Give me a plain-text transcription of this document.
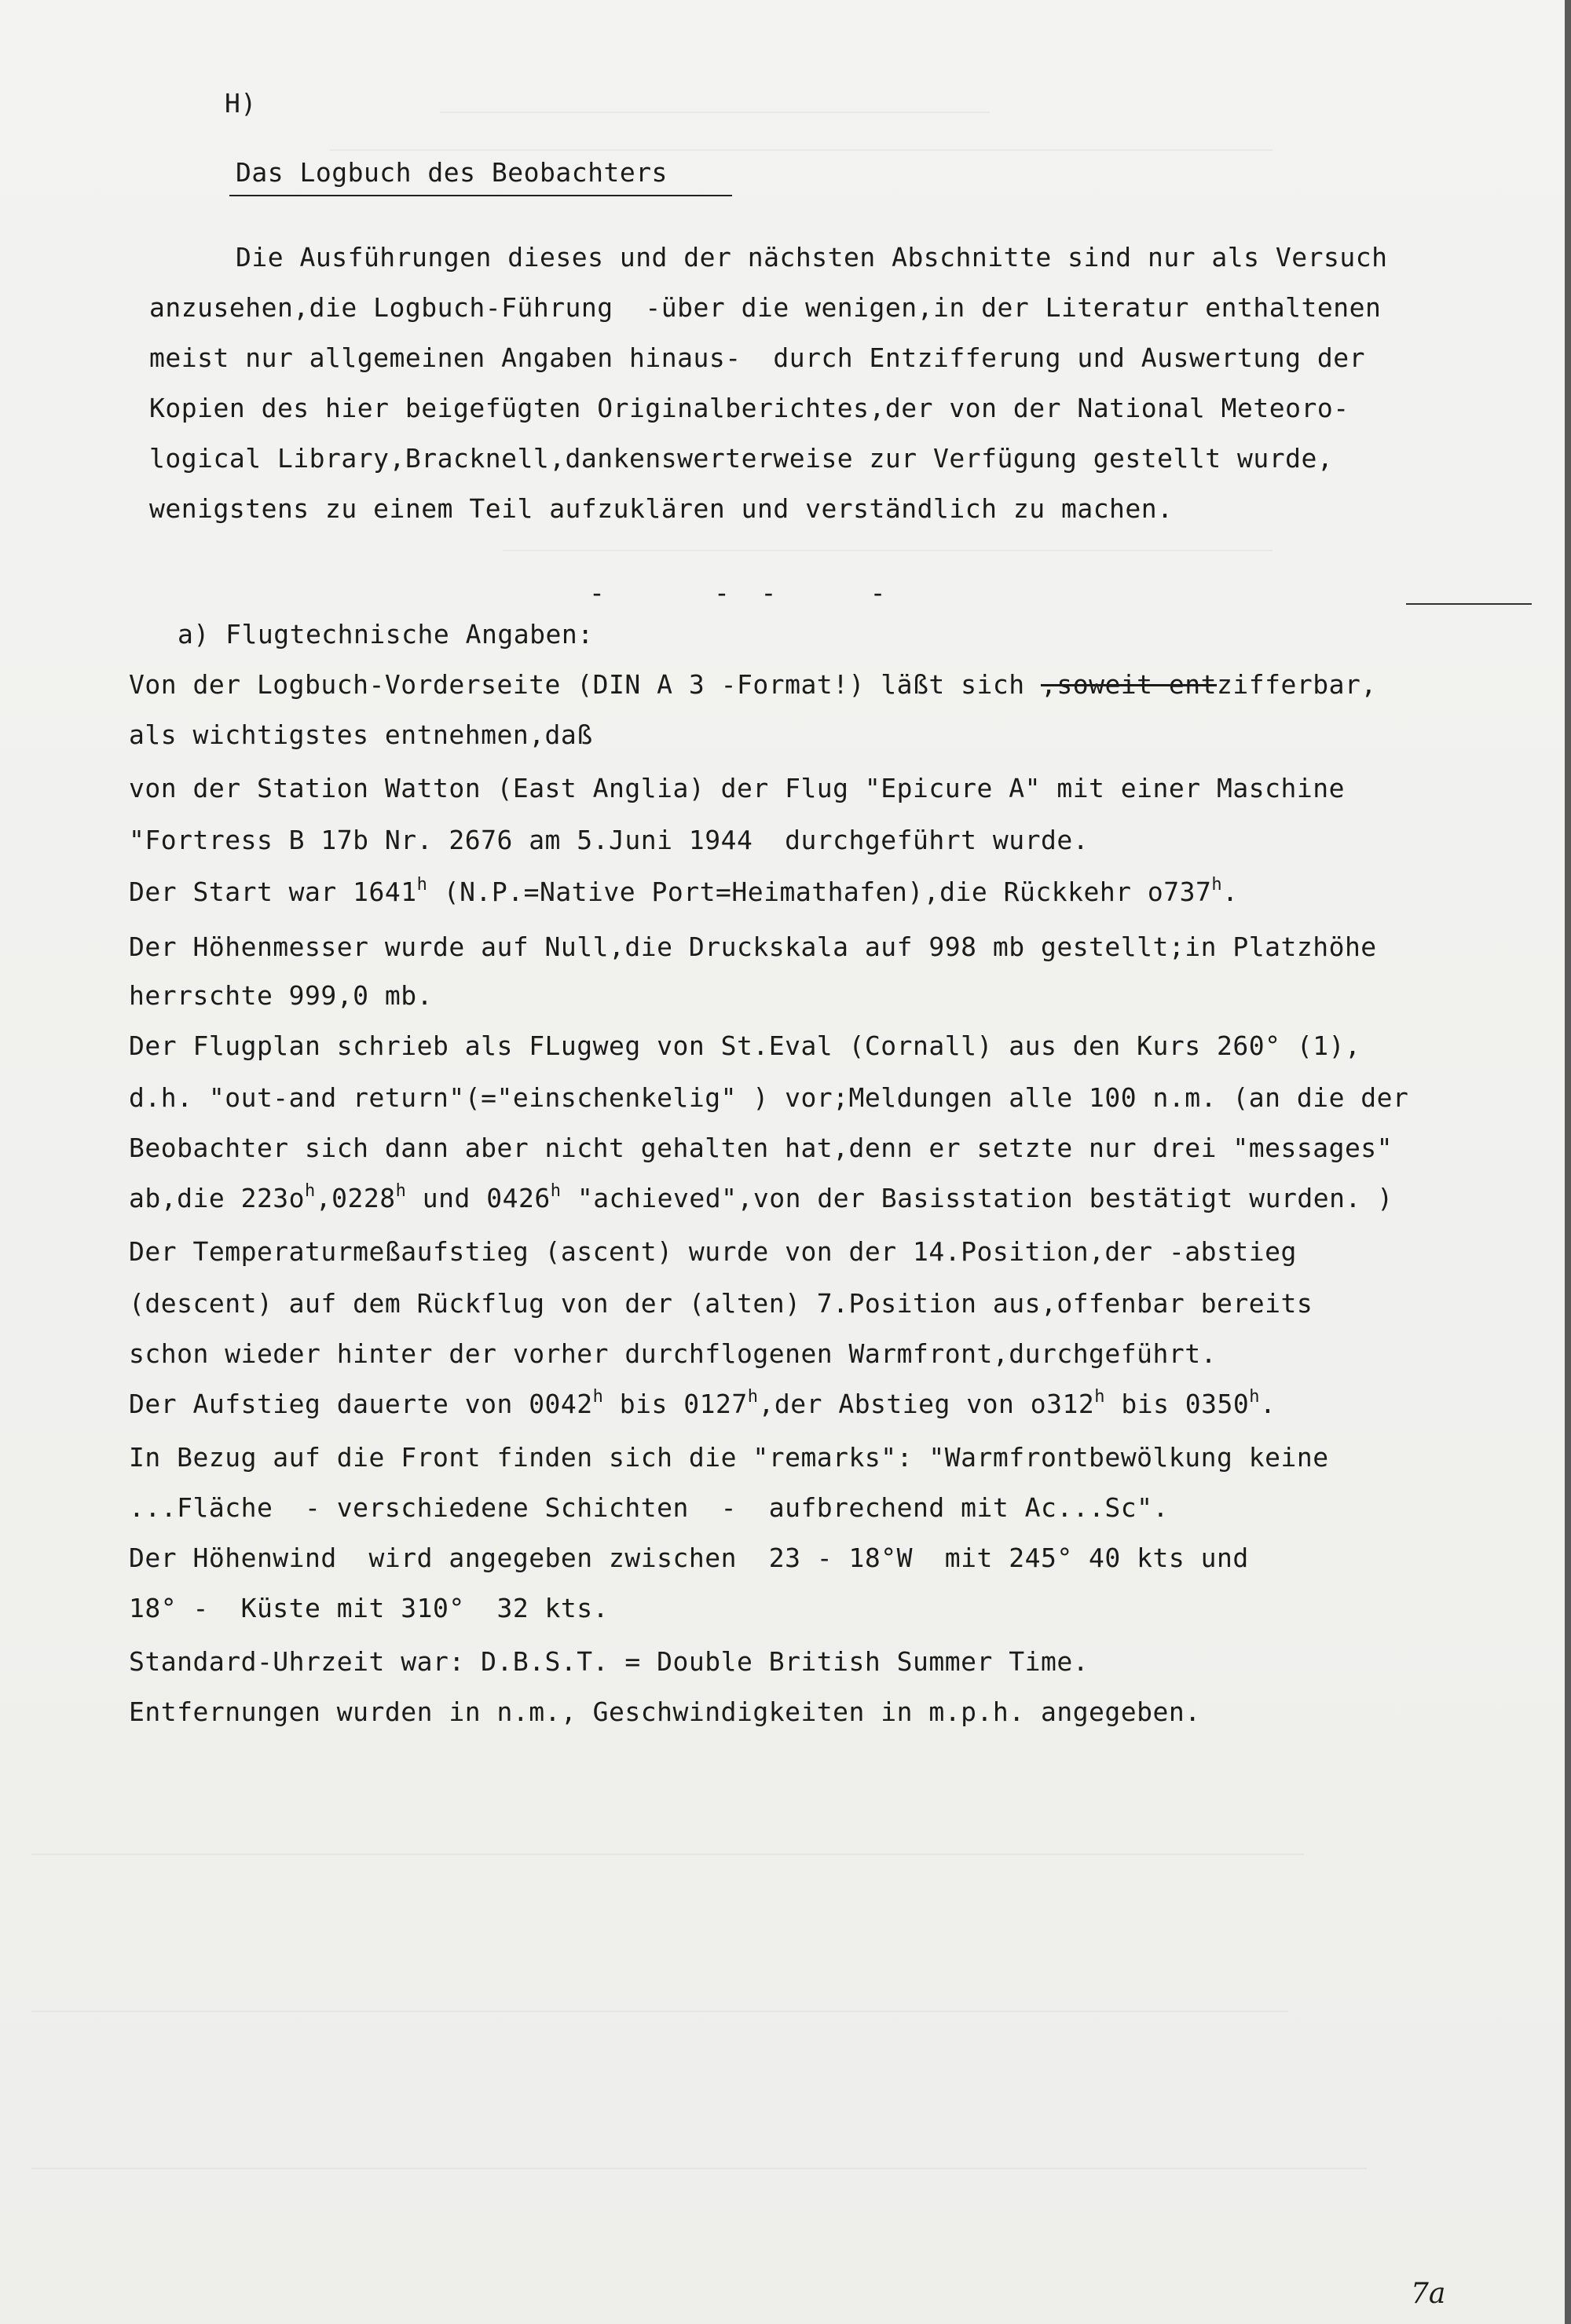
H)
Das Logbuch des Beobachters
Die Ausführungen dieses und der nächsten Abschnitte sind nur als Versuch
anzusehen,die Logbuch-Führung  -über die wenigen,in der Literatur enthaltenen
meist nur allgemeinen Angaben hinaus-  durch Entzifferung und Auswertung der
Kopien des hier beigefügten Originalberichtes,der von der National Meteoro-
logical Library,Bracknell,dankenswerterweise zur Verfügung gestellt wurde,
wenigstens zu einem Teil aufzuklären und verständlich zu machen.
-       -  -      -
a) Flugtechnische Angaben:
Von der Logbuch-Vorderseite (DIN A 3 -Format!) läßt sich ,soweit entzifferbar,
als wichtigstes entnehmen,daß
von der Station Watton (East Anglia) der Flug "Epicure A" mit einer Maschine
"Fortress B 17b Nr. 2676 am 5.Juni 1944  durchgeführt wurde.
Der Start war 1641$^h$ (N.P.=Native Port=Heimathafen),die Rückkehr o737$^h$.
Der Höhenmesser wurde auf Null,die Druckskala auf 998 mb gestellt;in Platzhöhe
herrschte 999,0 mb.
Der Flugplan schrieb als FLugweg von St.Eval (Cornall) aus den Kurs 260° (1),
d.h. "out-and return"(="einschenkelig" ) vor;Meldungen alle 100 n.m. (an die der
Beobachter sich dann aber nicht gehalten hat,denn er setzte nur drei "messages"
ab,die $223o^h,0228^h$ und 0426$^h$ "achieved",von der Basisstation bestätigt wurden. )
Der Temperaturmeßaufstieg (ascent) wurde von der 14.Position,der -abstieg
(descent) auf dem Rückflug von der (alten) 7.Position aus,offenbar bereits
schon wieder hinter der vorher durchflogenen Warmfront,durchgeführt.
Der Aufstieg dauerte von 0042$^h$ bis 0127$^h$,der Abstieg von o312$^h$ bis 0350$^h$.
In Bezug auf die Front finden sich die "remarks": "Warmfrontbewölkung keine
...Fläche  - verschiedene Schichten  -  aufbrechend mit Ac...Sc".
Der Höhenwind  wird angegeben zwischen  23 - 18°W  mit 245° 40 kts und
18° -  Küste mit 310°  32 kts.
Standard-Uhrzeit war: D.B.S.T. = Double British Summer Time.
Entfernungen wurden in n.m., Geschwindigkeiten in m.p.h. angegeben.
7a
